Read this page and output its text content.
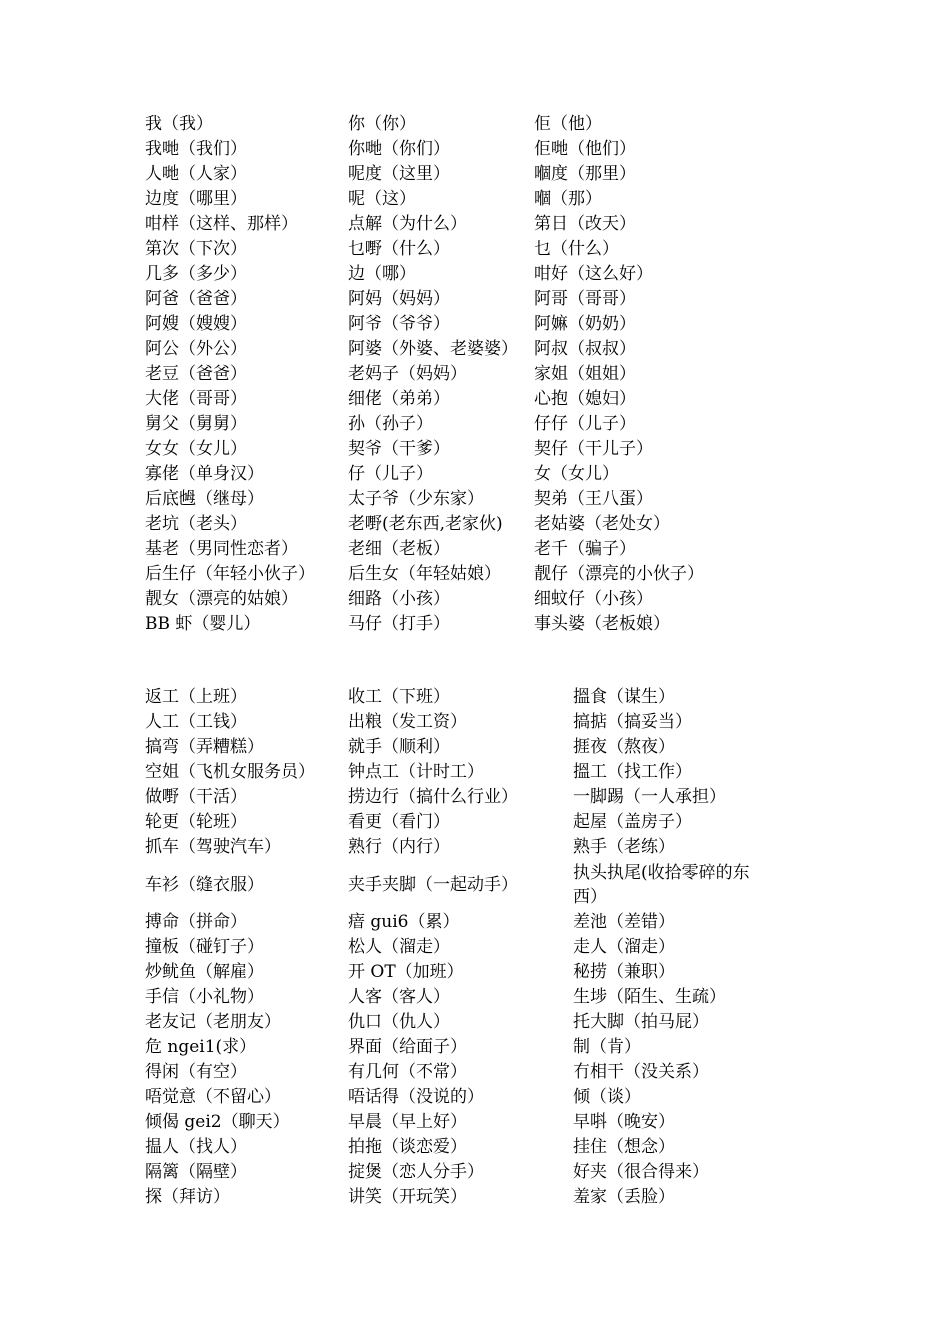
我（我）	你（你）	佢（他）
我哋（我们）	你哋（你们）	佢哋（他们）
人哋（人家）	呢度（这里）	嗰度（那里）
边度（哪里）	呢（这）	嗰（那）
咁样（这样、那样）	点解（为什么）	第日（改天）
第次（下次）	乜嘢（什么）	乜（什么）
几多（多少）	边（哪）	咁好（这么好）
阿爸（爸爸）	阿妈（妈妈）	阿哥（哥哥）
阿嫂（嫂嫂）	阿爷（爷爷）	阿嫲（奶奶）
阿公（外公）	阿婆（外婆、老婆婆）	阿叔（叔叔）
老豆（爸爸）	老妈子（妈妈）	家姐（姐姐）
大佬（哥哥）	细佬（弟弟）	心抱（媳妇）
舅父（舅舅）	孙（孙子）	仔仔（儿子）
女女（女儿）	契爷（干爹）	契仔（干儿子）
寡佬（单身汉）	仔（儿子）	女（女儿）
后底乸（继母）	太子爷（少东家）	契弟（王八蛋）
老坑（老头）	老嘢(老东西,老家伙)	老姑婆（老处女）
基老（男同性恋者）	老细（老板）	老千（骗子）
后生仔（年轻小伙子）	后生女（年轻姑娘）	靓仔（漂亮的小伙子）
靓女（漂亮的姑娘）	细路（小孩）	细蚊仔（小孩）
BB 虾（婴儿）	马仔（打手）	事头婆（老板娘）
返工（上班）	收工（下班）	搵食（谋生）
人工（工钱）	出粮（发工资）	搞掂（搞妥当）
搞弯（弄糟糕）	就手（顺利）	捱夜（熬夜）
空姐（飞机女服务员）	钟点工（计时工）	搵工（找工作）
做嘢（干活）	捞边行（搞什么行业）	一脚踢（一人承担）
轮更（轮班）	看更（看门）	起屋（盖房子）
抓车（驾驶汽车）	熟行（内行）	熟手（老练）
车衫（缝衣服）	夹手夹脚（一起动手）	执头执尾(收拾零碎的东西）
搏命（拼命）	瘖 gui6（累）	差池（差错）
撞板（碰钉子）	松人（溜走）	走人（溜走）
炒鱿鱼（解雇）	开 OT（加班）	秘捞（兼职）
手信（小礼物）	人客（客人）	生埗（陌生、生疏）
老友记（老朋友）	仇口（仇人）	托大脚（拍马屁）
危 ngei1(求）	界面（给面子）	制（肯）
得闲（有空）	有几何（不常）	冇相干（没关系）
唔觉意（不留心）	唔话得（没说的）	倾（谈）
倾偈 gei2（聊天）	早晨（早上好）	早唞（晚安）
揾人（找人）	拍拖（谈恋爱）	挂住（想念）
隔篱（隔壁）	掟煲（恋人分手）	好夹（很合得来）
探（拜访）	讲笑（开玩笑）	羞家（丢脸）
